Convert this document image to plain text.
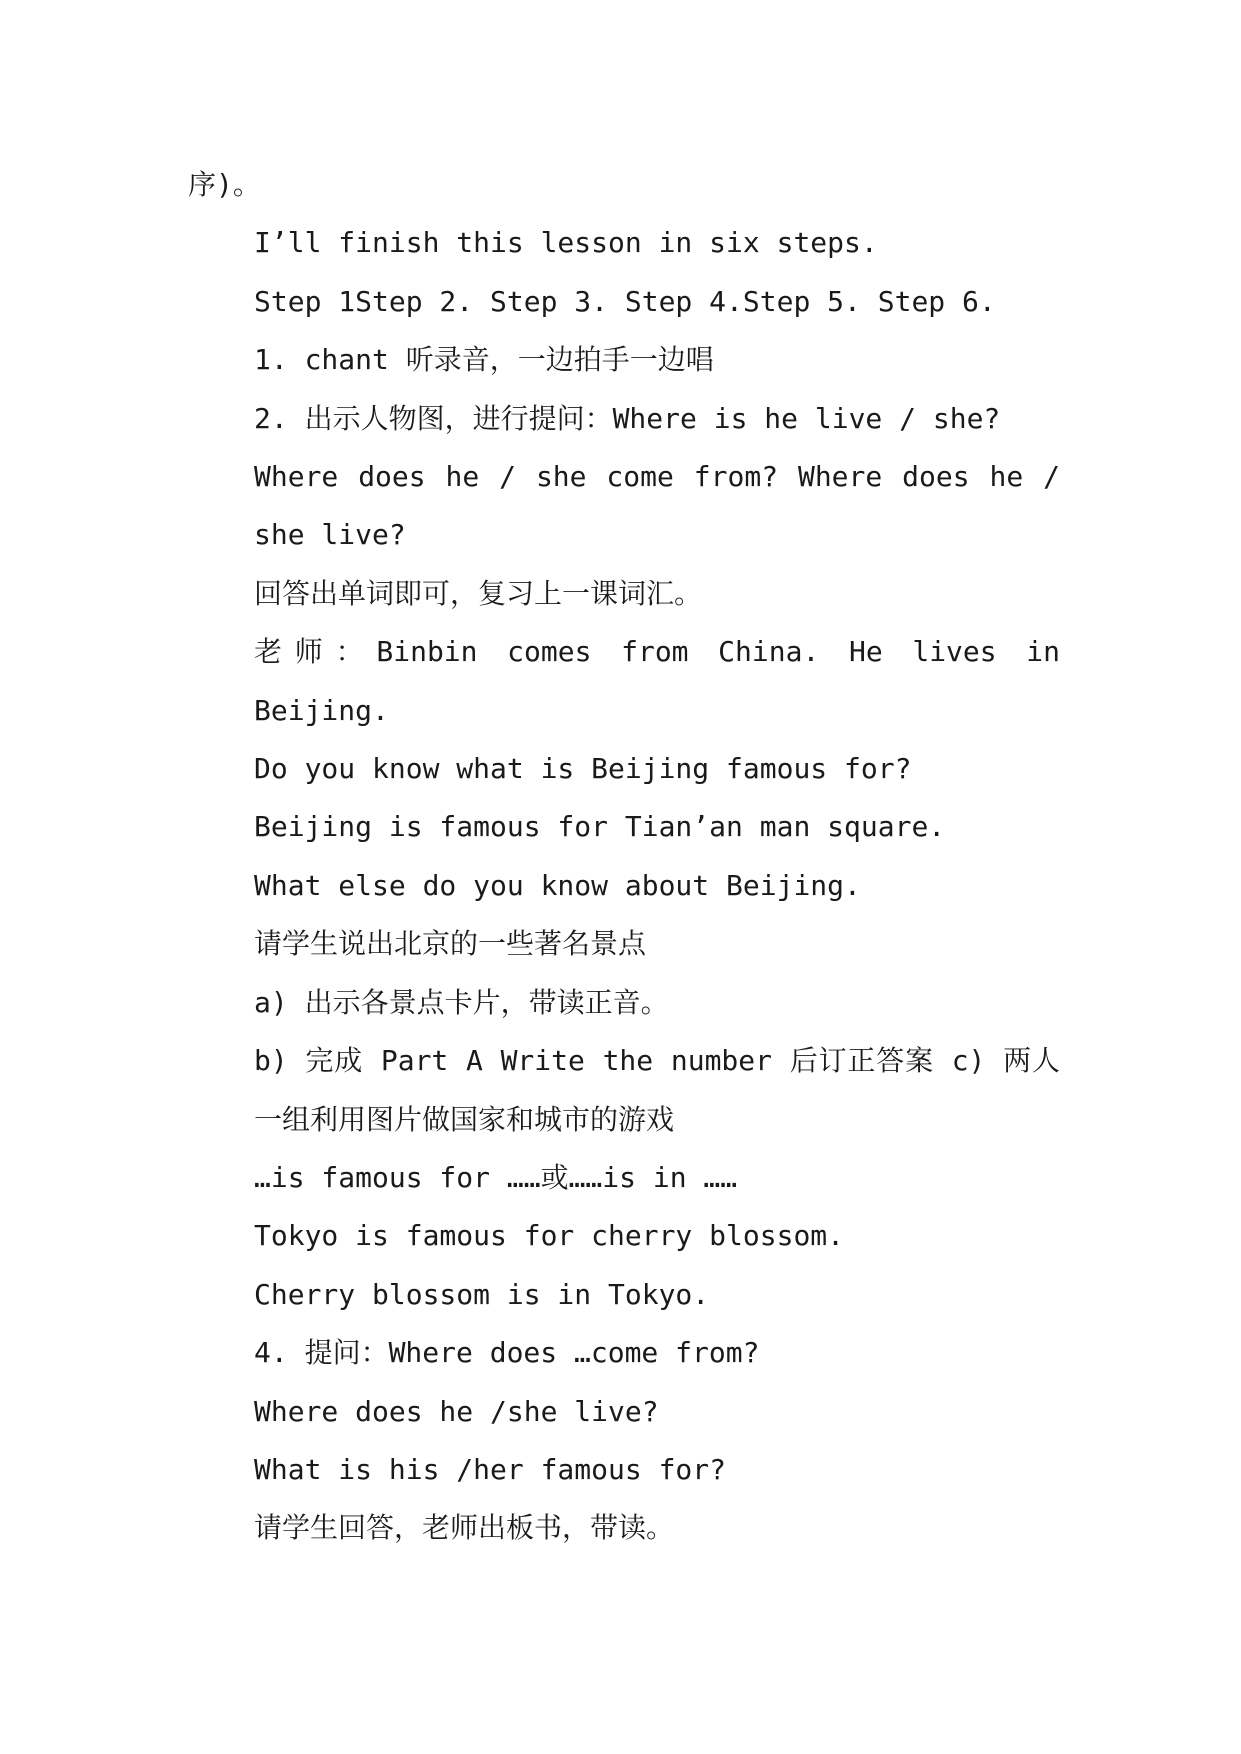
序)。

I’ll finish this lesson in six steps.

Step 1Step 2. Step 3. Step 4.Step 5. Step 6.

1. chant 听录音，一边拍手一边唱

2. 出示人物图，进行提问：Where is he live / she?

Where does he / she come from? Where does he / she live?

回答出单词即可，复习上一课词汇。

老师：Binbin comes from China. He lives in Beijing.

Do you know what is Beijing famous for?

Beijing is famous for Tian’an man square.

What else do you know about Beijing.

请学生说出北京的一些著名景点

a) 出示各景点卡片，带读正音。

b) 完成 Part A Write the number 后订正答案 c) 两人一组利用图片做国家和城市的游戏

…is famous for ……或……is in ……

Tokyo is famous for cherry blossom.

Cherry blossom is in Tokyo.

4. 提问：Where does …come from?

Where does he /she live?

What is his /her famous for?

请学生回答，老师出板书，带读。
